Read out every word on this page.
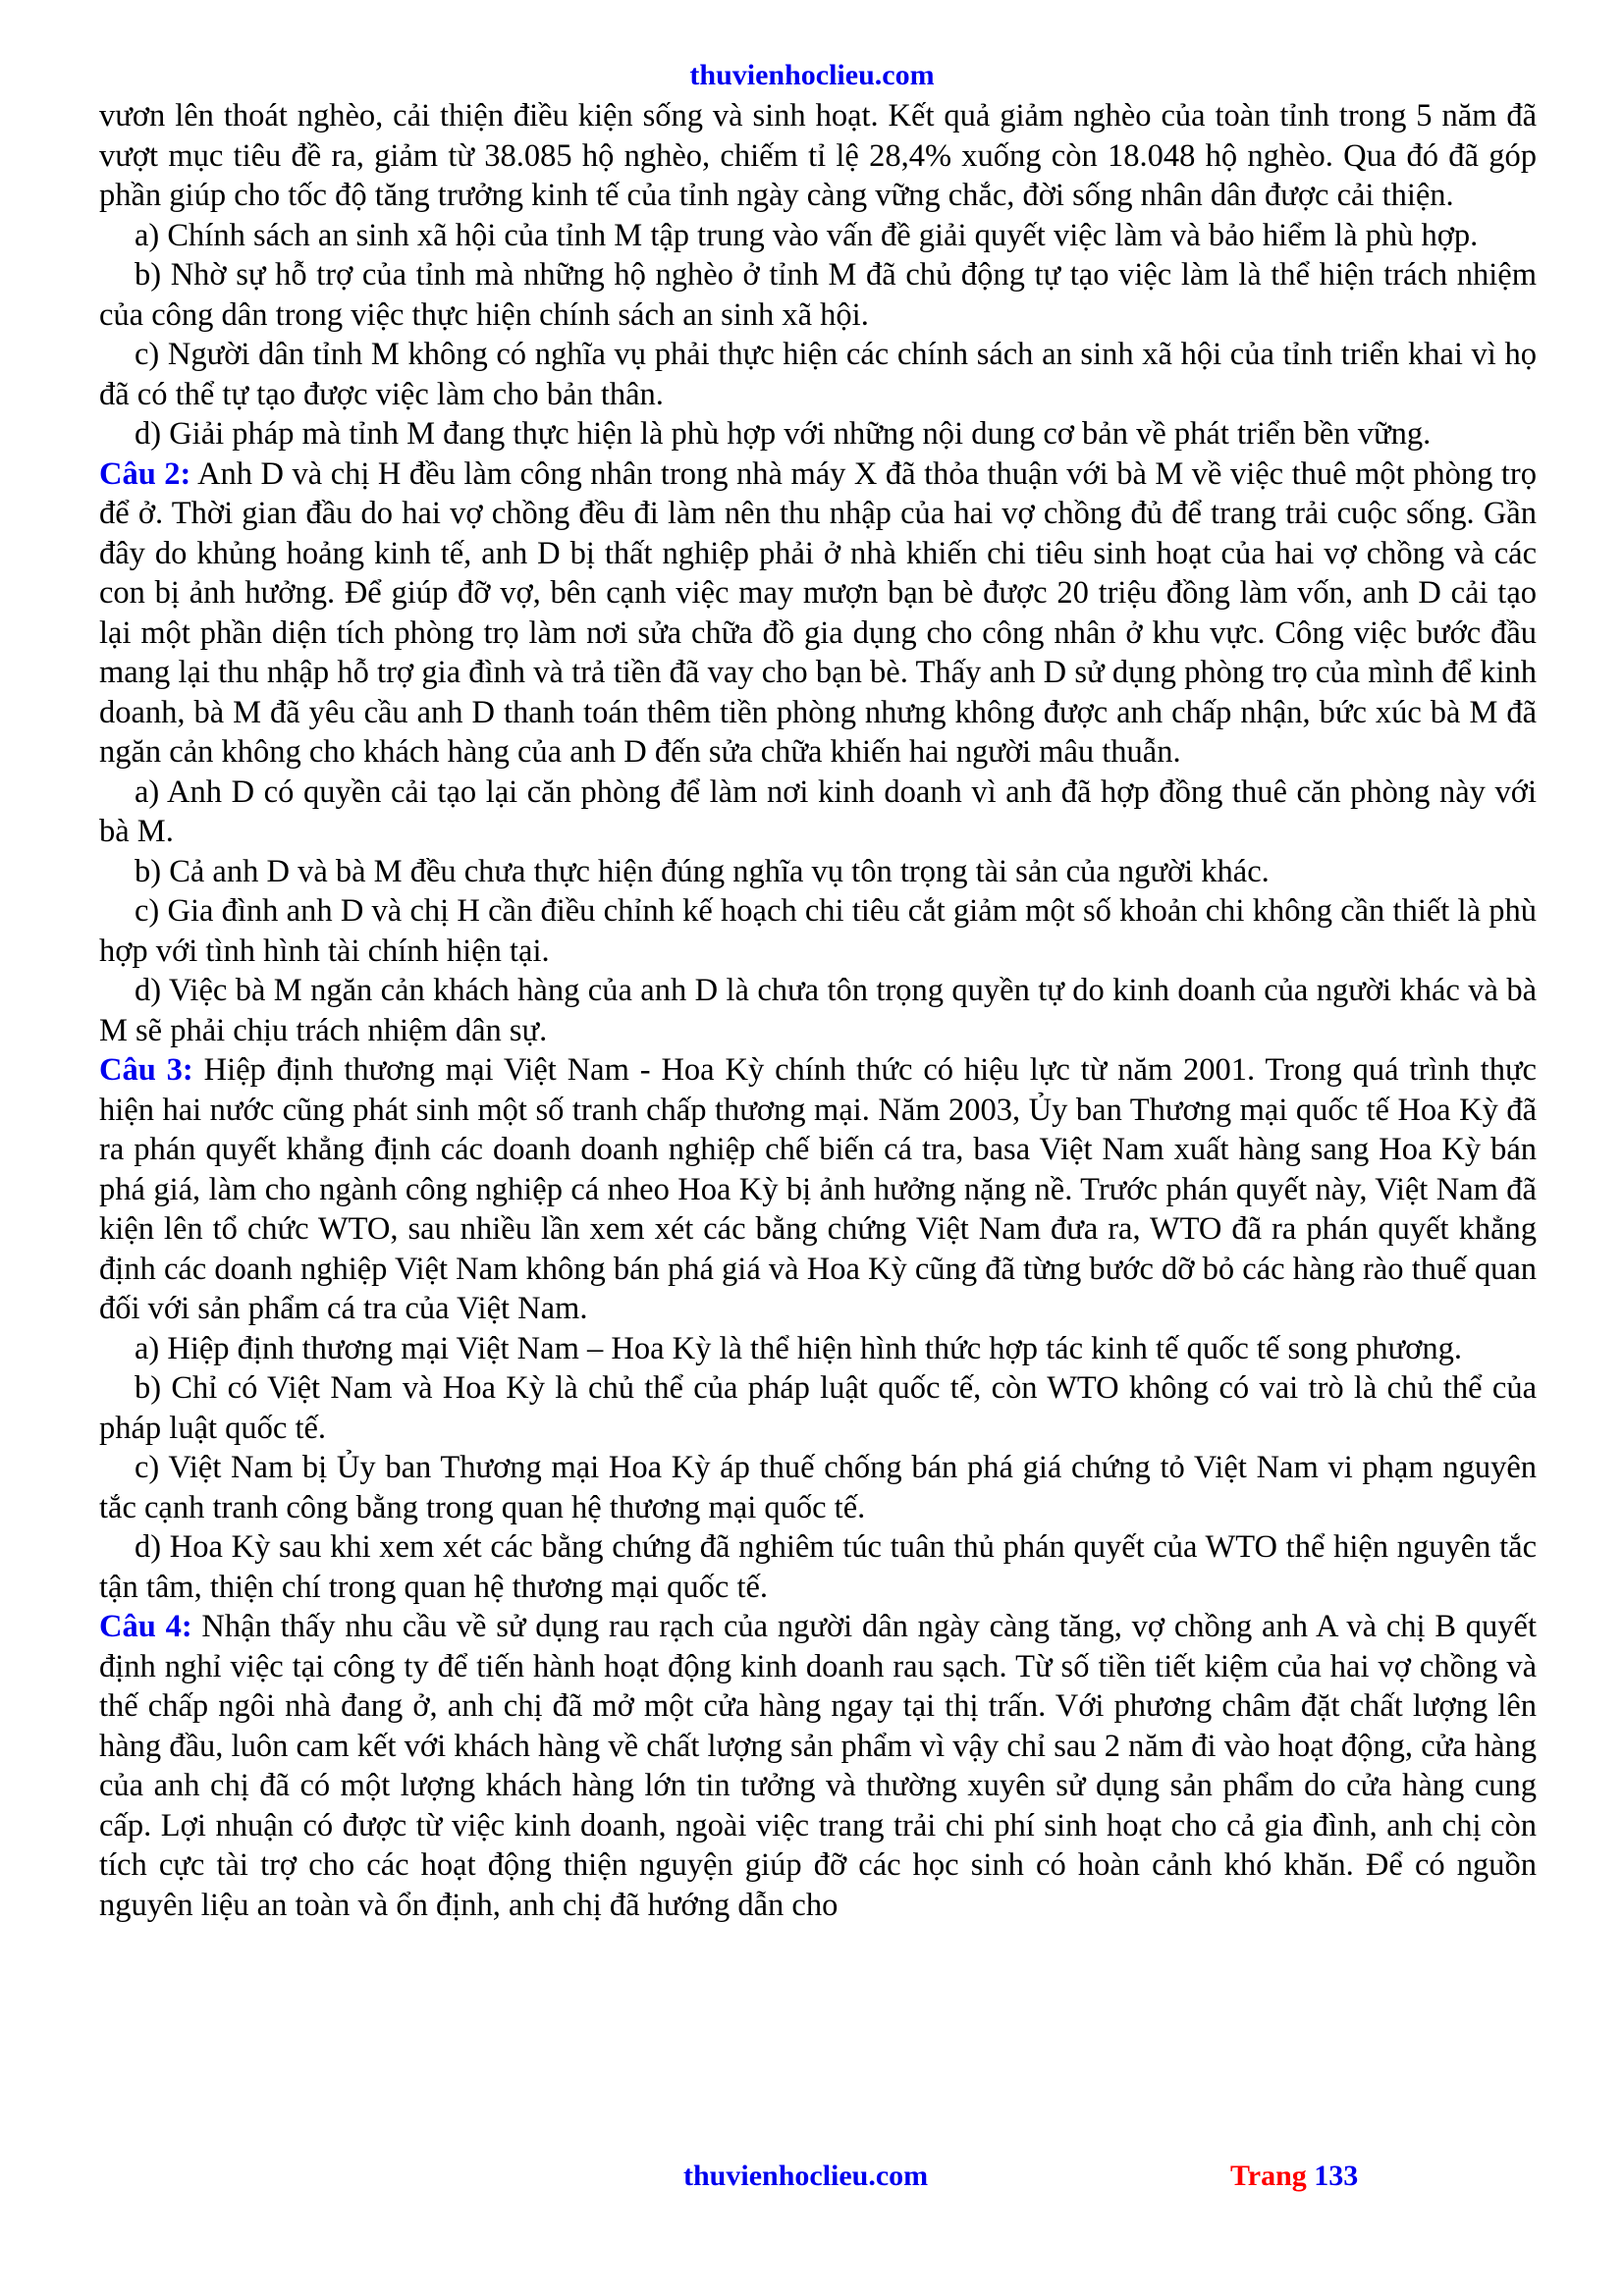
thuvienhoclieu.com

vươn lên thoát nghèo, cải thiện điều kiện sống và sinh hoạt. Kết quả giảm nghèo của toàn tỉnh trong 5 năm đã vượt mục tiêu đề ra, giảm từ 38.085 hộ nghèo, chiếm tỉ lệ 28,4% xuống còn 18.048 hộ nghèo. Qua đó đã góp phần giúp cho tốc độ tăng trưởng kinh tế của tỉnh ngày càng vững chắc, đời sống nhân dân được cải thiện.

a) Chính sách an sinh xã hội của tỉnh M tập trung vào vấn đề giải quyết việc làm và bảo hiểm là phù hợp.

b) Nhờ sự hỗ trợ của tỉnh mà những hộ nghèo ở tỉnh M đã chủ động tự tạo việc làm là thể hiện trách nhiệm của công dân trong việc thực hiện chính sách an sinh xã hội.

c) Người dân tỉnh M không có nghĩa vụ phải thực hiện các chính sách an sinh xã hội của tỉnh triển khai vì họ đã có thể tự tạo được việc làm cho bản thân.

d) Giải pháp mà tỉnh M đang thực hiện là phù hợp với những nội dung cơ bản về phát triển bền vững.

Câu 2: Anh D và chị H đều làm công nhân trong nhà máy X đã thỏa thuận với bà M về việc thuê một phòng trọ để ở. Thời gian đầu do hai vợ chồng đều đi làm nên thu nhập của hai vợ chồng đủ để trang trải cuộc sống. Gần đây do khủng hoảng kinh tế, anh D bị thất nghiệp phải ở nhà khiến chi tiêu sinh hoạt của hai vợ chồng và các con bị ảnh hưởng. Để giúp đỡ vợ, bên cạnh việc may mượn bạn bè được 20 triệu đồng làm vốn, anh D cải tạo lại một phần diện tích phòng trọ làm nơi sửa chữa đồ gia dụng cho công nhân ở khu vực. Công việc bước đầu mang lại thu nhập hỗ trợ gia đình và trả tiền đã vay cho bạn bè. Thấy anh D sử dụng phòng trọ của mình để kinh doanh, bà M đã yêu cầu anh D thanh toán thêm tiền phòng nhưng không được anh chấp nhận, bức xúc bà M đã ngăn cản không cho khách hàng của anh D đến sửa chữa khiến hai người mâu thuẫn.

a) Anh D có quyền cải tạo lại căn phòng để làm nơi kinh doanh vì anh đã hợp đồng thuê căn phòng này với bà M.

b) Cả anh D và bà M đều chưa thực hiện đúng nghĩa vụ tôn trọng tài sản của người khác.

c) Gia đình anh D và chị H cần điều chỉnh kế hoạch chi tiêu cắt giảm một số khoản chi không cần thiết là phù hợp với tình hình tài chính hiện tại.

d) Việc bà M ngăn cản khách hàng của anh D là chưa tôn trọng quyền tự do kinh doanh của người khác và bà M sẽ phải chịu trách nhiệm dân sự.

Câu 3: Hiệp định thương mại Việt Nam - Hoa Kỳ chính thức có hiệu lực từ năm 2001. Trong quá trình thực hiện hai nước cũng phát sinh một số tranh chấp thương mại. Năm 2003, Ủy ban Thương mại quốc tế Hoa Kỳ đã ra phán quyết khẳng định các doanh doanh nghiệp chế biến cá tra, basa Việt Nam xuất hàng sang Hoa Kỳ bán phá giá, làm cho ngành công nghiệp cá nheo Hoa Kỳ bị ảnh hưởng nặng nề. Trước phán quyết này, Việt Nam đã kiện lên tổ chức WTO, sau nhiều lần xem xét các bằng chứng Việt Nam đưa ra, WTO đã ra phán quyết khẳng định các doanh nghiệp Việt Nam không bán phá giá và Hoa Kỳ cũng đã từng bước dỡ bỏ các hàng rào thuế quan đối với sản phẩm cá tra của Việt Nam.

a) Hiệp định thương mại Việt Nam – Hoa Kỳ là thể hiện hình thức hợp tác kinh tế quốc tế song phương.

b) Chỉ có Việt Nam và Hoa Kỳ là chủ thể của pháp luật quốc tế, còn WTO không có vai trò là chủ thể của pháp luật quốc tế.

c) Việt Nam bị Ủy ban Thương mại Hoa Kỳ áp thuế chống bán phá giá chứng tỏ Việt Nam vi phạm nguyên tắc cạnh tranh công bằng trong quan hệ thương mại quốc tế.

d) Hoa Kỳ sau khi xem xét các bằng chứng đã nghiêm túc tuân thủ phán quyết của WTO thể hiện nguyên tắc tận tâm, thiện chí trong quan hệ thương mại quốc tế.

Câu 4: Nhận thấy nhu cầu về sử dụng rau rạch của người dân ngày càng tăng, vợ chồng anh A và chị B quyết định nghỉ việc tại công ty để tiến hành hoạt động kinh doanh rau sạch. Từ số tiền tiết kiệm của hai vợ chồng và thế chấp ngôi nhà đang ở, anh chị đã mở một cửa hàng ngay tại thị trấn. Với phương châm đặt chất lượng lên hàng đầu, luôn cam kết với khách hàng về chất lượng sản phẩm vì vậy chỉ sau 2 năm đi vào hoạt động, cửa hàng của anh chị đã có một lượng khách hàng lớn tin tưởng và thường xuyên sử dụng sản phẩm do cửa hàng cung cấp. Lợi nhuận có được từ việc kinh doanh, ngoài việc trang trải chi phí sinh hoạt cho cả gia đình, anh chị còn tích cực tài trợ cho các hoạt động thiện nguyện giúp đỡ các học sinh có hoàn cảnh khó khăn. Để có nguồn nguyên liệu an toàn và ổn định, anh chị đã hướng dẫn cho

thuvienhoclieu.com	Trang 133
